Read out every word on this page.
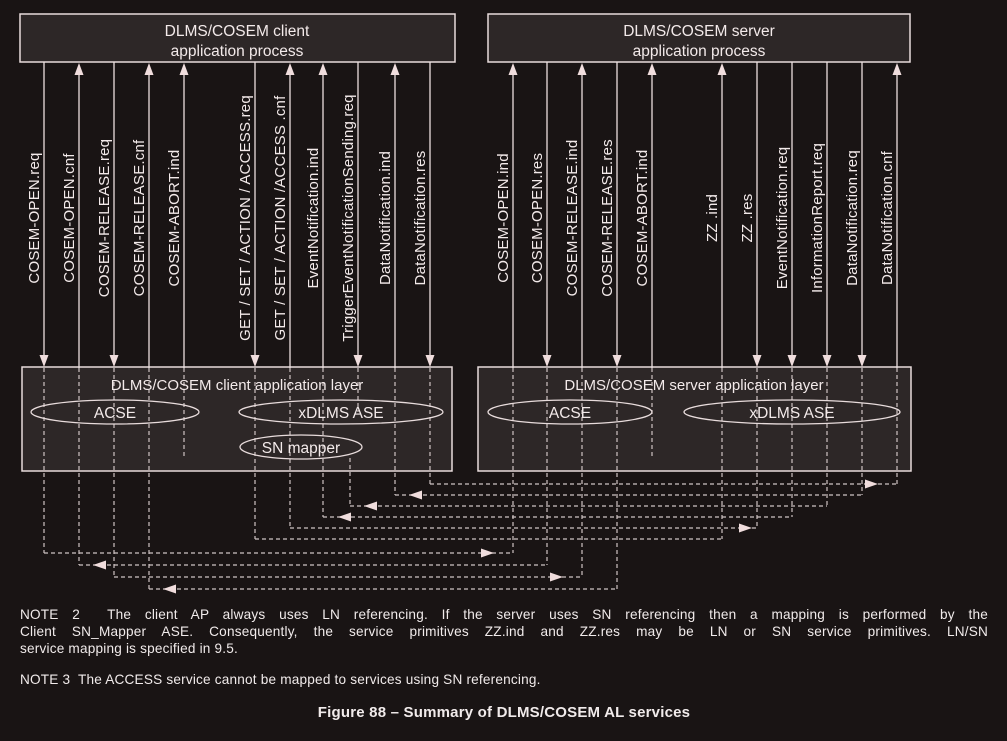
DLMS/COSEM client
application process
DLMS/COSEM server
application process
DLMS/COSEM client application layer	DLMS/COSEM server application layer
ACSE	xDLMS ASE
SN mapper
ACSE	xDLMS ASE
COSEM-OPEN.req COSEM-OPEN.cnf COSEM-RELEASE.req COSEM-RELEASE.cnf COSEM-ABORT.ind	GET / SET / ACTION / ACCESS.req GET / SET / ACTION /ACCESS .cnf EventNotification.ind TriggerEventNotificationSending.req DataNotification.ind DataNotification.res	COSEM-OPEN.ind COSEM-OPEN.res COSEM-RELEASE.ind COSEM-RELEASE.res COSEM-ABORT.ind	ZZ .ind ZZ .res EventNotification.req InformationReport.req DataNotification.req DataNotification.cnf
NOTE 2  The client AP always uses LN referencing. If the server uses SN referencing then a mapping is performed by the
Client SN_Mapper ASE. Consequently, the service primitives ZZ.ind and ZZ.res may be LN or SN service primitives. LN/SN
service mapping is specified in 9.5.
NOTE 3  The ACCESS service cannot be mapped to services using SN referencing.
Figure 88 – Summary of DLMS/COSEM AL services
